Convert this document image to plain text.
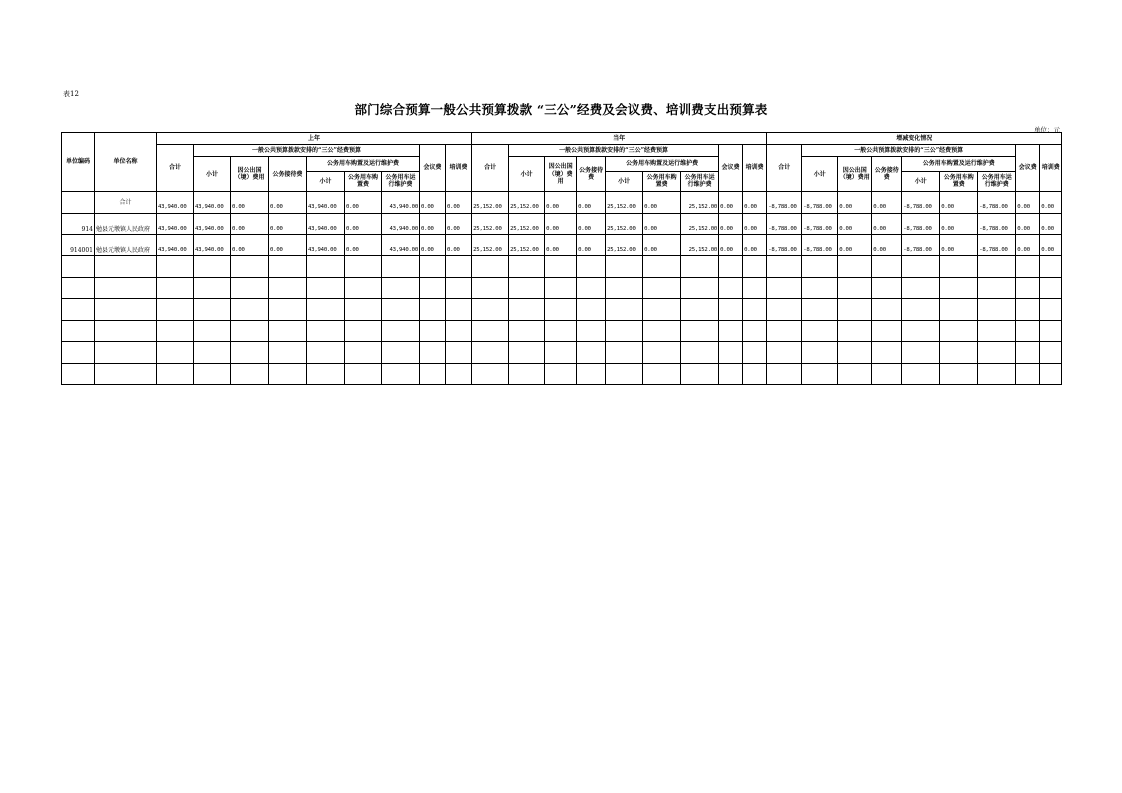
表12
部门综合预算一般公共预算拨款 “三公”经费及会议费、培训费支出预算表
单位：元
单位编码	单位名称	上年									当年									增减变化情况								
		合计	一般公共预算拨款安排的“三公”经费预算						会议费	培训费	合计	一般公共预算拨款安排的“三公”经费预算						会议费	培训费	合计	一般公共预算拨款安排的“三公”经费预算						会议费	培训费
			小计	因公出国（境）费用	公务接待费	公务用车购置及运行维护费						小计	因公出国（境）费用	公务接待费	公务用车购置及运行维护费						小计	因公出国（境）费用	公务接待费	公务用车购置及运行维护费				
						小计	公务用车购置费	公务用车运行维护费							小计	公务用车购置费	公务用车运行维护费							小计	公务用车购置费	公务用车运行维护费		
	合计	43,940.00	43,940.00	0.00	0.00	43,940.00	0.00	43,940.00	0.00	0.00	25,152.00	25,152.00	0.00	0.00	25,152.00	0.00	25,152.00	0.00	0.00	-8,788.00	-8,788.00	0.00	0.00	-8,788.00	0.00	-8,788.00	0.00	0.00
914	勉县元墩镇人民政府	43,940.00	43,940.00	0.00	0.00	43,940.00	0.00	43,940.00	0.00	0.00	25,152.00	25,152.00	0.00	0.00	25,152.00	0.00	25,152.00	0.00	0.00	-8,788.00	-8,788.00	0.00	0.00	-8,788.00	0.00	-8,788.00	0.00	0.00
914001	勉县元墩镇人民政府	43,940.00	43,940.00	0.00	0.00	43,940.00	0.00	43,940.00	0.00	0.00	25,152.00	25,152.00	0.00	0.00	25,152.00	0.00	25,152.00	0.00	0.00	-8,788.00	-8,788.00	0.00	0.00	-8,788.00	0.00	-8,788.00	0.00	0.00
